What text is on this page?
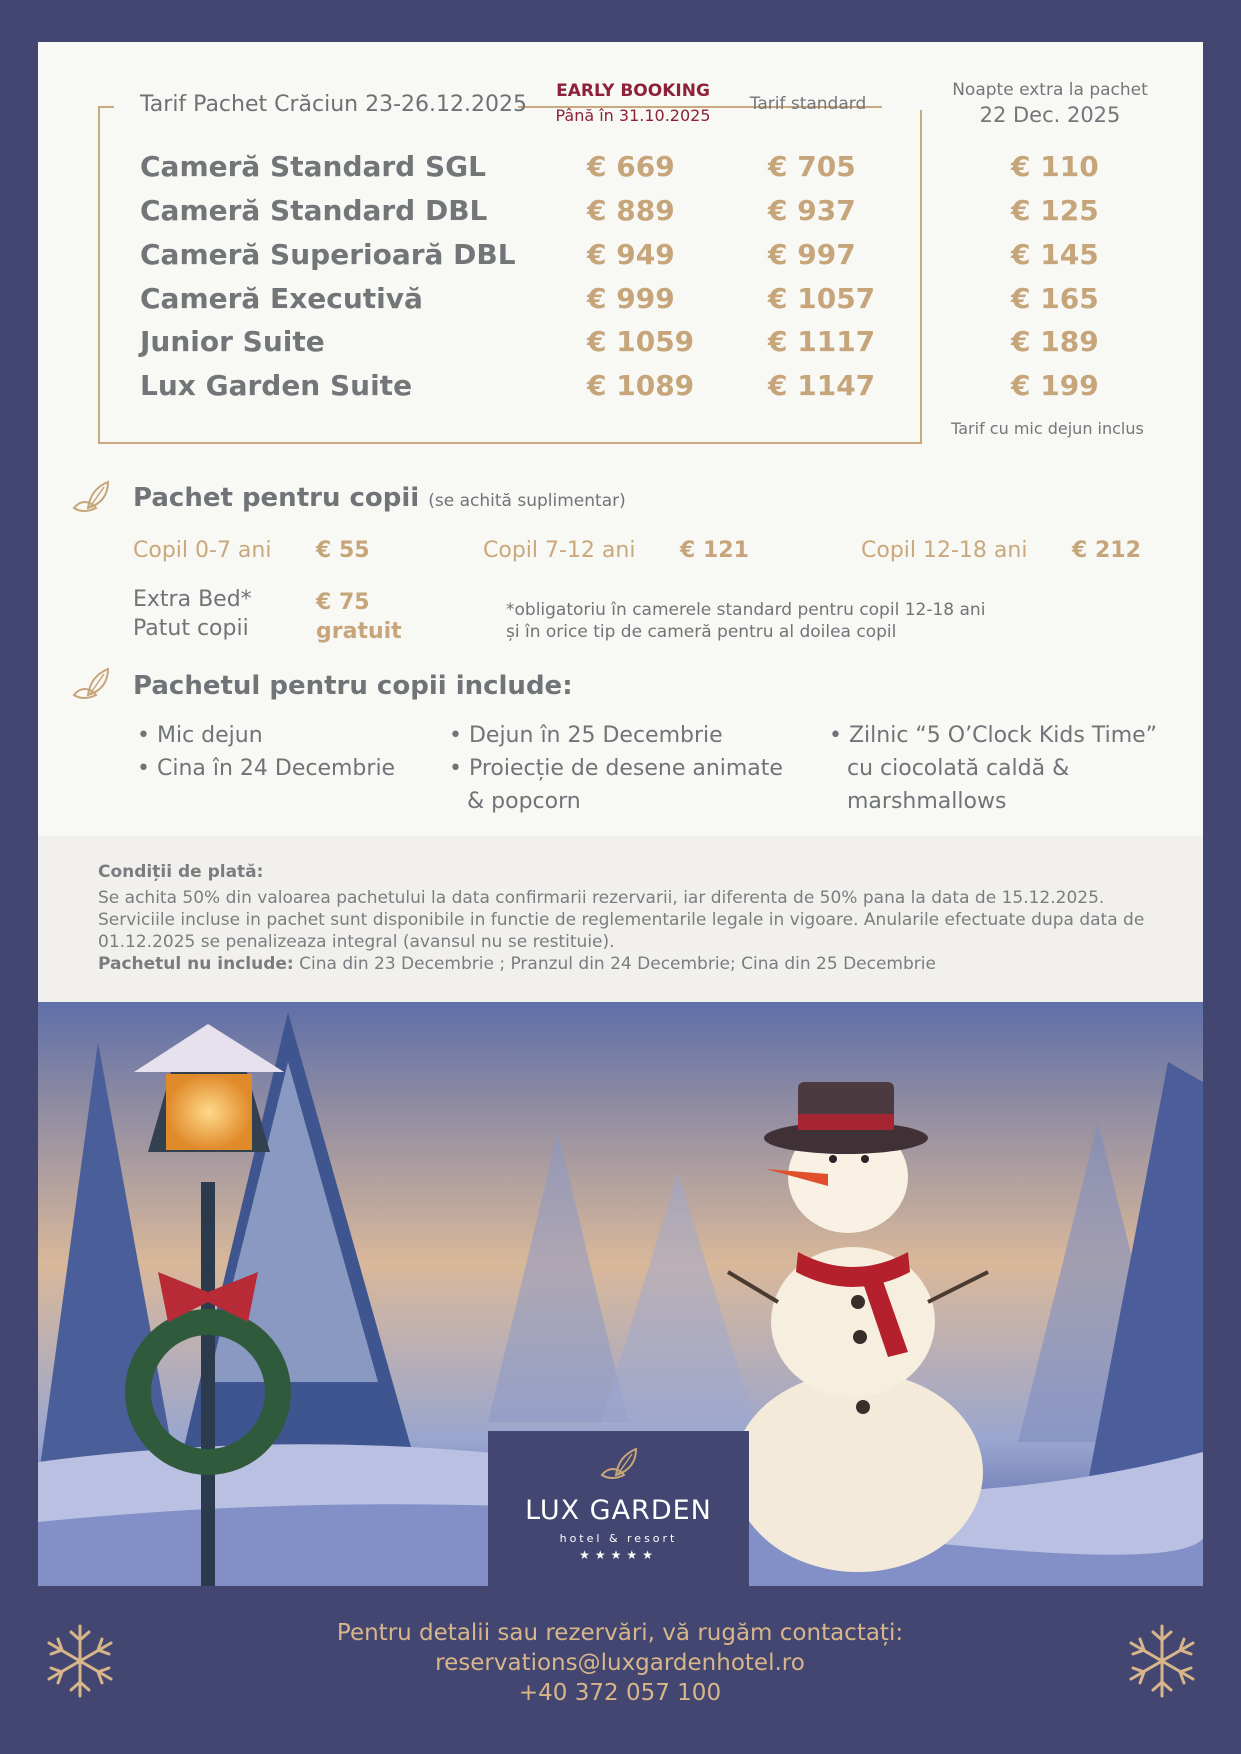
Tarif Pachet Crăciun 23-26.12.2025
EARLY BOOKING
Până în 31.10.2025
Tarif standard
Noapte extra la pachet
22 Dec. 2025
Cameră Standard SGL	€ 669	€ 705	€ 110
Cameră Standard DBL	€ 889	€ 937	€ 125
Cameră Superioară DBL	€ 949	€ 997	€ 145
Cameră Executivă	€ 999	€ 1057	€ 165
Junior Suite	€ 1059	€ 1117	€ 189
Lux Garden Suite	€ 1089	€ 1147	€ 199
Tarif cu mic dejun inclus
Pachet pentru copii (se achită suplimentar)
Copil 0-7 ani € 55	Copil 7-12 ani € 121	Copil 12-18 ani € 212
Extra Bed*	€ 75
Patut copii	gratuit
*obligatoriu în camerele standard pentru copil 12-18 ani
și în orice tip de cameră pentru al doilea copil
Pachetul pentru copii include:
• Mic dejun
• Cina în 24 Decembrie
• Dejun în 25 Decembrie
• Proiecție de desene animate
& popcorn
• Zilnic “5 O’Clock Kids Time”
cu ciocolată caldă &
marshmallows
Condiții de plată:
Se achita 50% din valoarea pachetului la data confirmarii rezervarii, iar diferenta de 50% pana la data de 15.12.2025. Serviciile incluse in pachet sunt disponibile in functie de reglementarile legale in vigoare. Anularile efectuate dupa data de 01.12.2025 se penalizeaza integral (avansul nu se restituie).
Pachetul nu include: Cina din 23 Decembrie ; Pranzul din 24 Decembrie; Cina din 25 Decembrie
LUX GARDEN
hotel & resort
★★★★★
Pentru detalii sau rezervări, vă rugăm contactați:
reservations@luxgardenhotel.ro
+40 372 057 100
